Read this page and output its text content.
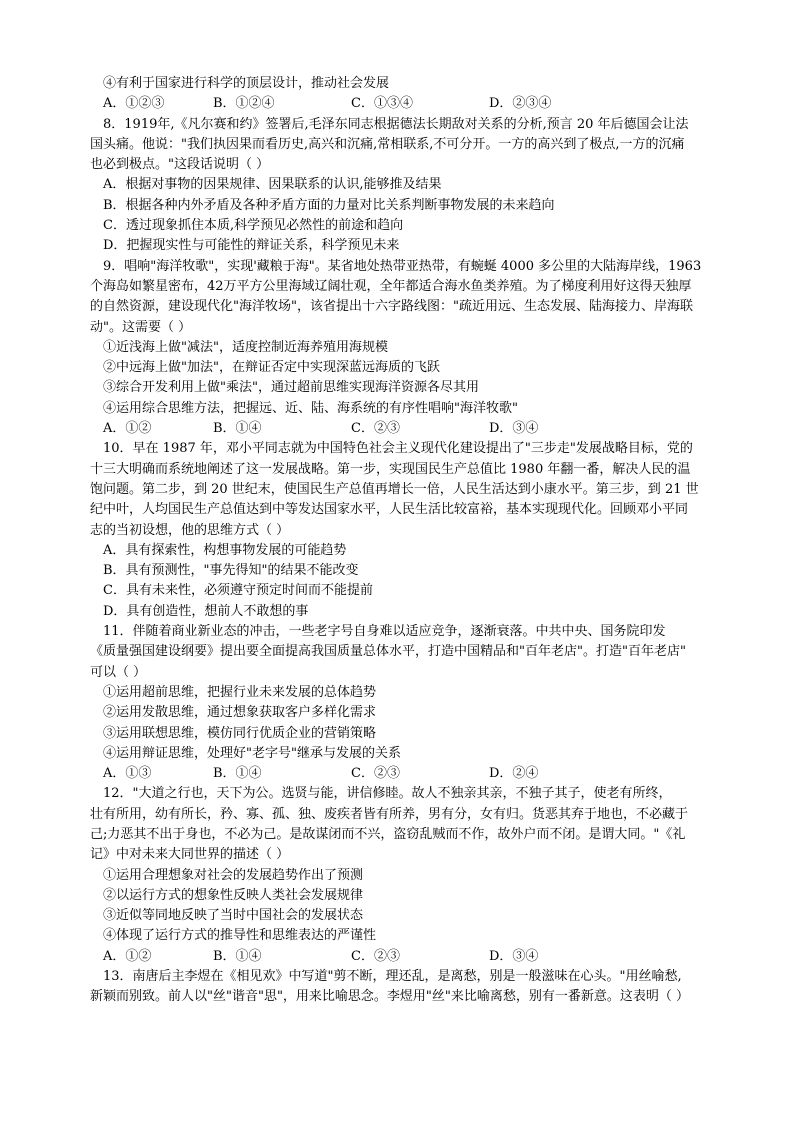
④有利于国家进行科学的顶层设计，推动社会发展
A．①②③	B．①②④	C．①③④	D．②③④
8．1919年,《凡尔赛和约》签署后,毛泽东同志根据德法长期敌对关系的分析,预言 20 年后德国会让法
国头痛。他说："我们执因果而看历史,高兴和沉痛,常相联系,不可分开。一方的高兴到了极点,一方的沉痛
也必到极点。"这段话说明（ ）
A．根据对事物的因果规律、因果联系的认识,能够推及结果
B．根据各种内外矛盾及各种矛盾方面的力量对比关系判断事物发展的未来趋向
C．透过现象抓住本质,科学预见必然性的前途和趋向
D．把握现实性与可能性的辩证关系，科学预见未来
9．唱响"海洋牧歌"，实现'藏粮于海"。某省地处热带亚热带，有蜿蜒 4000 多公里的大陆海岸线，1963
个海岛如繁星密布，42万平方公里海域辽阔壮观，全年都适合海水鱼类养殖。为了梯度利用好这得天独厚
的自然资源，建设现代化"海洋牧场"，该省提出十六字路线图："疏近用远、生态发展、陆海接力、岸海联
动"。这需要（ ）
①近浅海上做"减法"，适度控制近海养殖用海规模
②中远海上做"加法"，在辩证否定中实现深蓝远海质的飞跃
③综合开发利用上做"乘法"，通过超前思维实现海洋资源各尽其用
④运用综合思维方法，把握远、近、陆、海系统的有序性唱响"海洋牧歌"
A．①②	B．①④	C．②③	D．③④
10．早在 1987 年，邓小平同志就为中国特色社会主义现代化建设提出了"三步走"发展战略目标，党的
十三大明确而系统地阐述了这一发展战略。第一步，实现国民生产总值比 1980 年翻一番，解决人民的温
饱问题。第二步，到 20 世纪末，使国民生产总值再增长一倍，人民生活达到小康水平。第三步，到 21 世
纪中叶，人均国民生产总值达到中等发达国家水平，人民生活比较富裕，基本实现现代化。回顾邓小平同
志的当初设想，他的思维方式（ ）
A．具有探索性，构想事物发展的可能趋势
B．具有预测性，"事先得知"的结果不能改变
C．具有未来性，必须遵守预定时间而不能提前
D．具有创造性，想前人不敢想的事
11．伴随着商业新业态的冲击，一些老字号自身难以适应竞争，逐渐衰落。中共中央、国务院印发
《质量强国建设纲要》提出要全面提高我国质量总体水平，打造中国精品和"百年老店"。打造"百年老店"
可以（ ）
①运用超前思维，把握行业未来发展的总体趋势
②运用发散思维，通过想象获取客户多样化需求
③运用联想思维，模仿同行优质企业的营销策略
④运用辩证思维，处理好"老字号"继承与发展的关系
A．①③	B．①④	C．②③	D．②④
12．"大道之行也，天下为公。选贤与能，讲信修睦。故人不独亲其亲，不独子其子，使老有所终，
壮有所用，幼有所长，矜、寡、孤、独、废疾者皆有所养，男有分，女有归。货恶其弃于地也，不必藏于
己;力恶其不出于身也，不必为己。是故谋闭而不兴，盗窃乱贼而不作，故外户而不闭。是谓大同。"《礼
记》中对未来大同世界的描述（ ）
①运用合理想象对社会的发展趋势作出了预测
②以运行方式的想象性反映人类社会发展规律
③近似等同地反映了当时中国社会的发展状态
④体现了运行方式的推导性和思维表达的严谨性
A．①②	B．①④	C．②③	D．③④
13．南唐后主李煜在《相见欢》中写道"剪不断，理还乱，是离愁，别是一般滋味在心头。"用丝喻愁,
新颖而别致。前人以"丝"谐音"思"，用来比喻思念。李煜用"丝"来比喻离愁，别有一番新意。这表明（ ）
